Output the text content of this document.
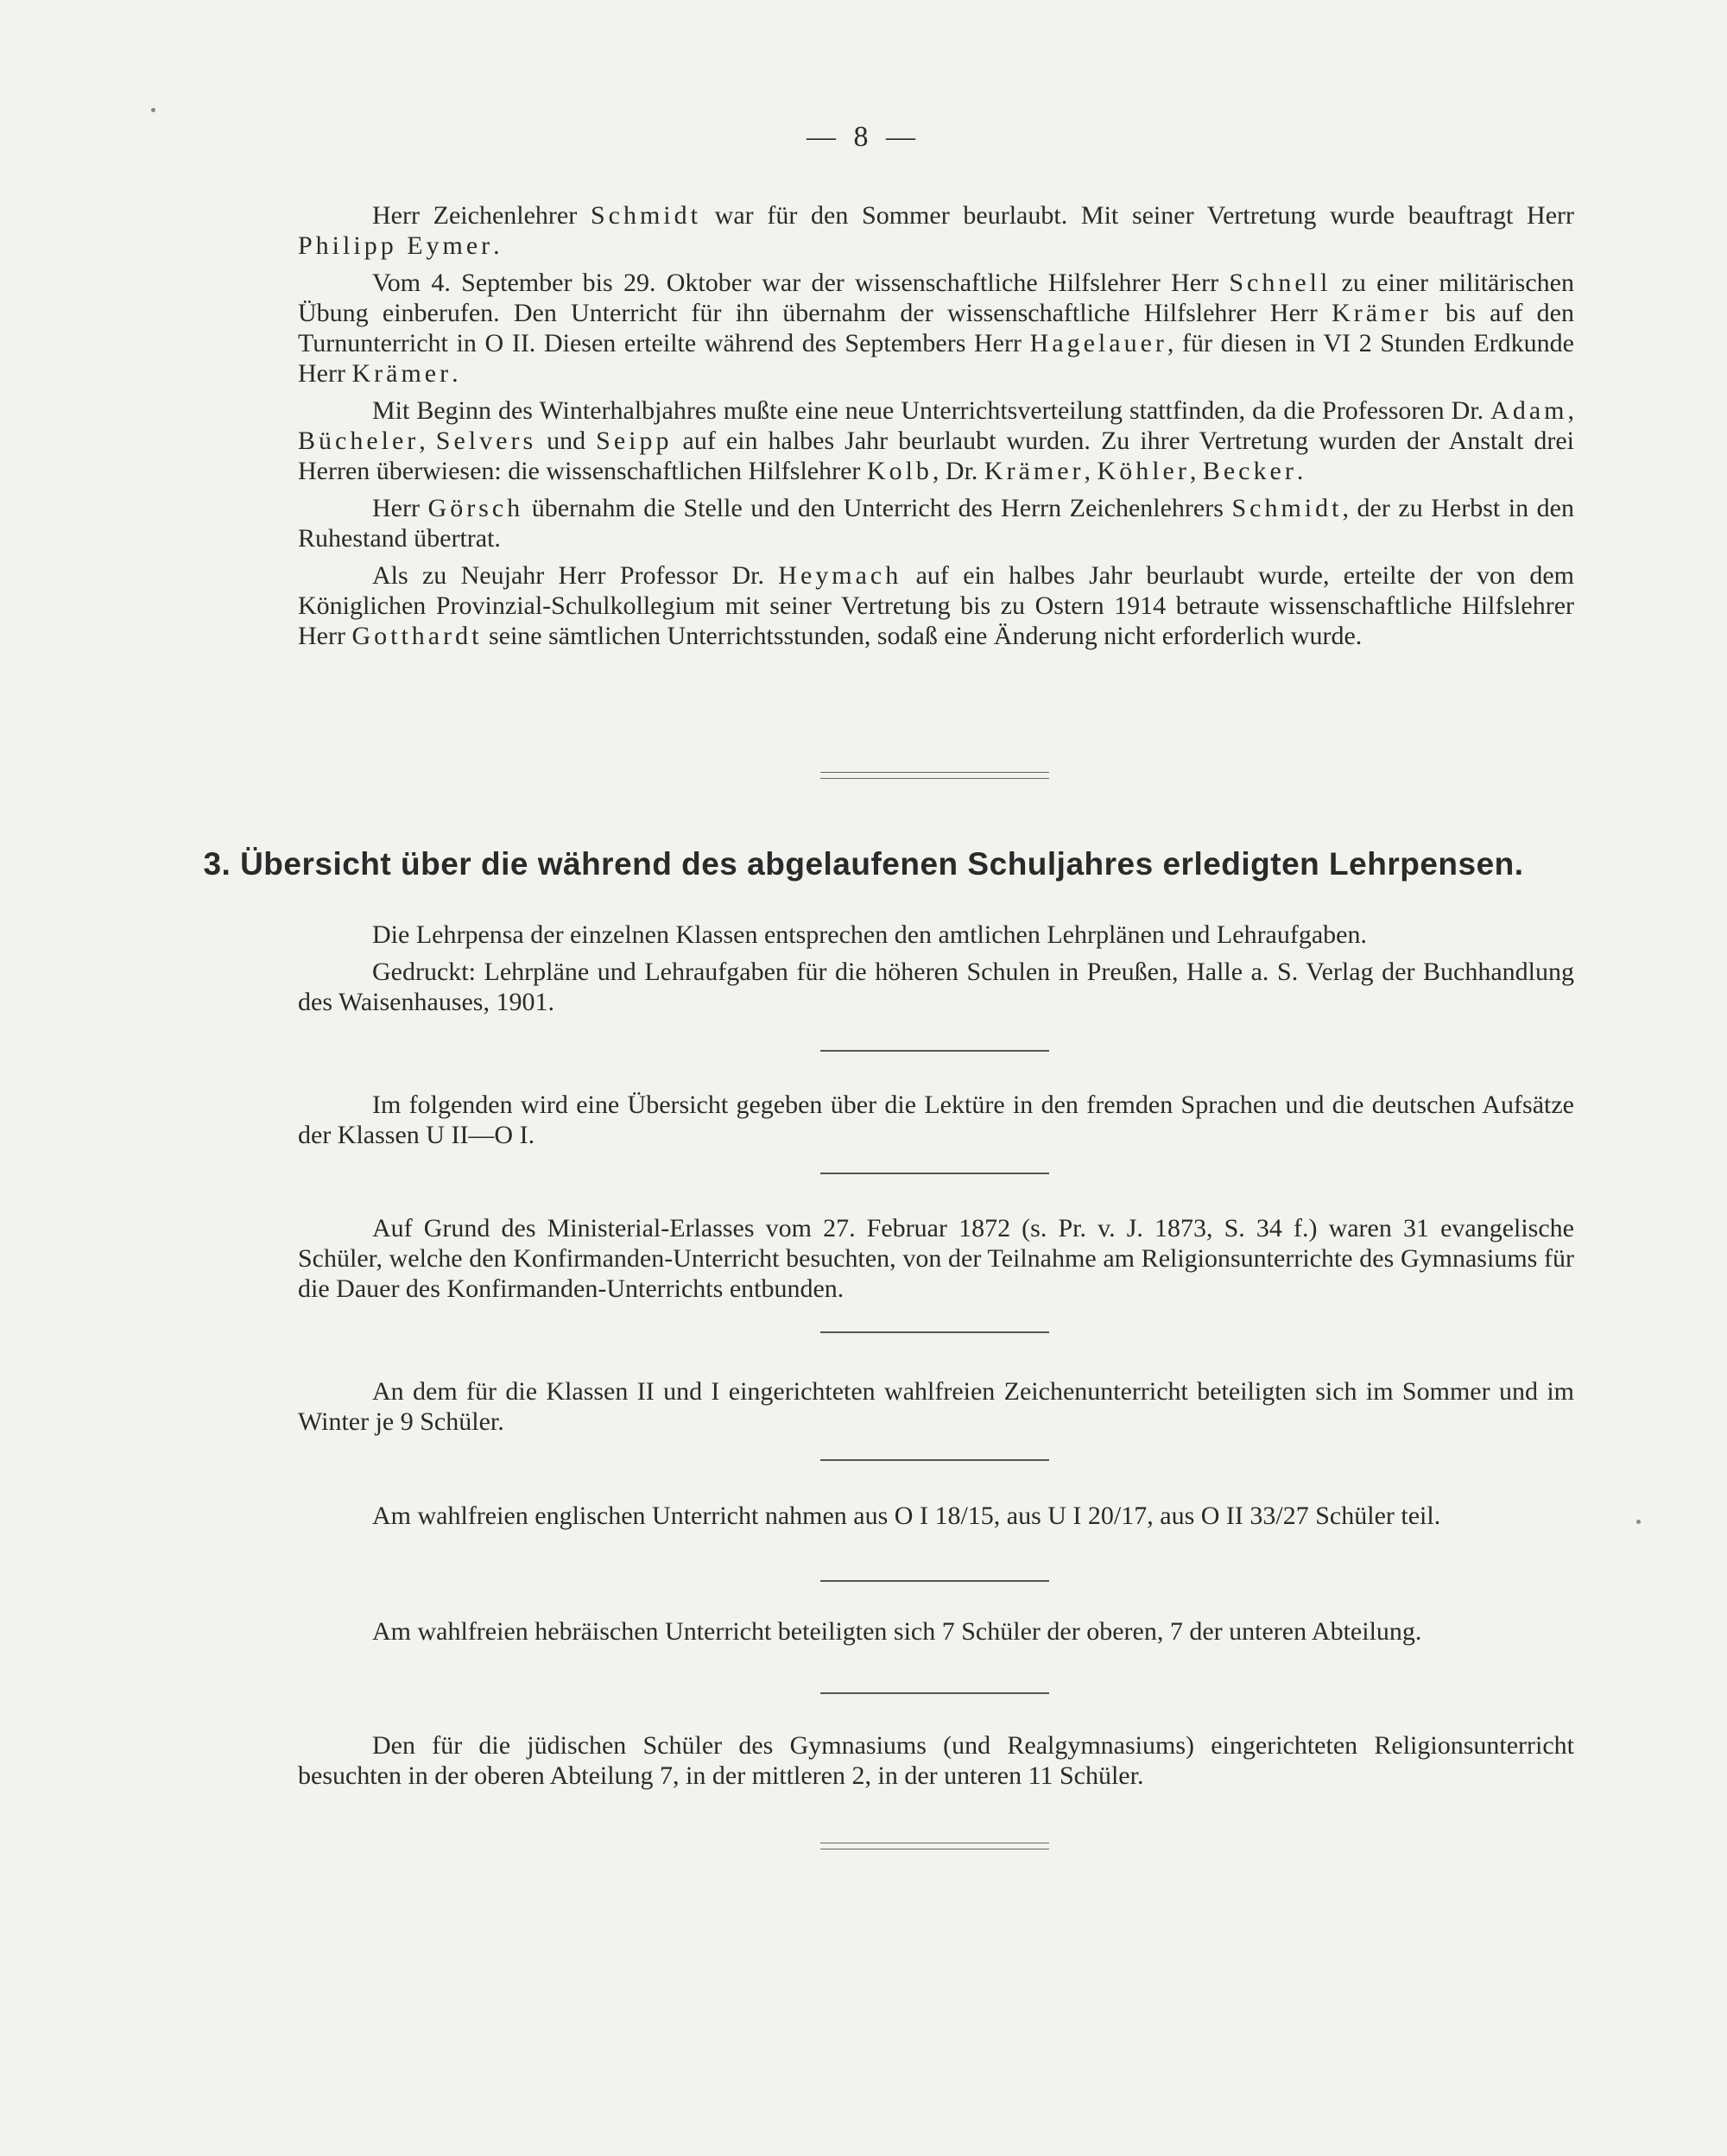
— 8 —

Herr Zeichenlehrer Schmidt war für den Sommer beurlaubt. Mit seiner Vertretung wurde beauftragt Herr Philipp Eymer.

Vom 4. September bis 29. Oktober war der wissenschaftliche Hilfslehrer Herr Schnell zu einer militärischen Übung einberufen. Den Unterricht für ihn übernahm der wissenschaftliche Hilfslehrer Herr Krämer bis auf den Turnunterricht in O II. Diesen erteilte während des Septembers Herr Hagelauer, für diesen in VI 2 Stunden Erdkunde Herr Krämer.

Mit Beginn des Winterhalbjahres mußte eine neue Unterrichtsverteilung stattfinden, da die Professoren Dr. Adam, Bücheler, Selvers und Seipp auf ein halbes Jahr beurlaubt wurden. Zu ihrer Vertretung wurden der Anstalt drei Herren überwiesen: die wissenschaftlichen Hilfslehrer Kolb, Dr. Krämer, Köhler, Becker.

Herr Görsch übernahm die Stelle und den Unterricht des Herrn Zeichenlehrers Schmidt, der zu Herbst in den Ruhestand übertrat.

Als zu Neujahr Herr Professor Dr. Heymach auf ein halbes Jahr beurlaubt wurde, erteilte der von dem Königlichen Provinzial-Schulkollegium mit seiner Vertretung bis zu Ostern 1914 betraute wissenschaftliche Hilfslehrer Herr Gotthardt seine sämtlichen Unterrichtsstunden, sodaß eine Änderung nicht erforderlich wurde.

3. Übersicht über die während des abgelaufenen Schuljahres erledigten Lehrpensen.

Die Lehrpensa der einzelnen Klassen entsprechen den amtlichen Lehrplänen und Lehraufgaben.

Gedruckt: Lehrpläne und Lehraufgaben für die höheren Schulen in Preußen, Halle a. S. Verlag der Buchhandlung des Waisenhauses, 1901.

Im folgenden wird eine Übersicht gegeben über die Lektüre in den fremden Sprachen und die deutschen Aufsätze der Klassen U II—O I.

Auf Grund des Ministerial-Erlasses vom 27. Februar 1872 (s. Pr. v. J. 1873, S. 34 f.) waren 31 evangelische Schüler, welche den Konfirmanden-Unterricht besuchten, von der Teilnahme am Religionsunterrichte des Gymnasiums für die Dauer des Konfirmanden-Unterrichts entbunden.

An dem für die Klassen II und I eingerichteten wahlfreien Zeichenunterricht beteiligten sich im Sommer und im Winter je 9 Schüler.

Am wahlfreien englischen Unterricht nahmen aus O I 18/15, aus U I 20/17, aus O II 33/27 Schüler teil.

Am wahlfreien hebräischen Unterricht beteiligten sich 7 Schüler der oberen, 7 der unteren Abteilung.

Den für die jüdischen Schüler des Gymnasiums (und Realgymnasiums) eingerichteten Religionsunterricht besuchten in der oberen Abteilung 7, in der mittleren 2, in der unteren 11 Schüler.
